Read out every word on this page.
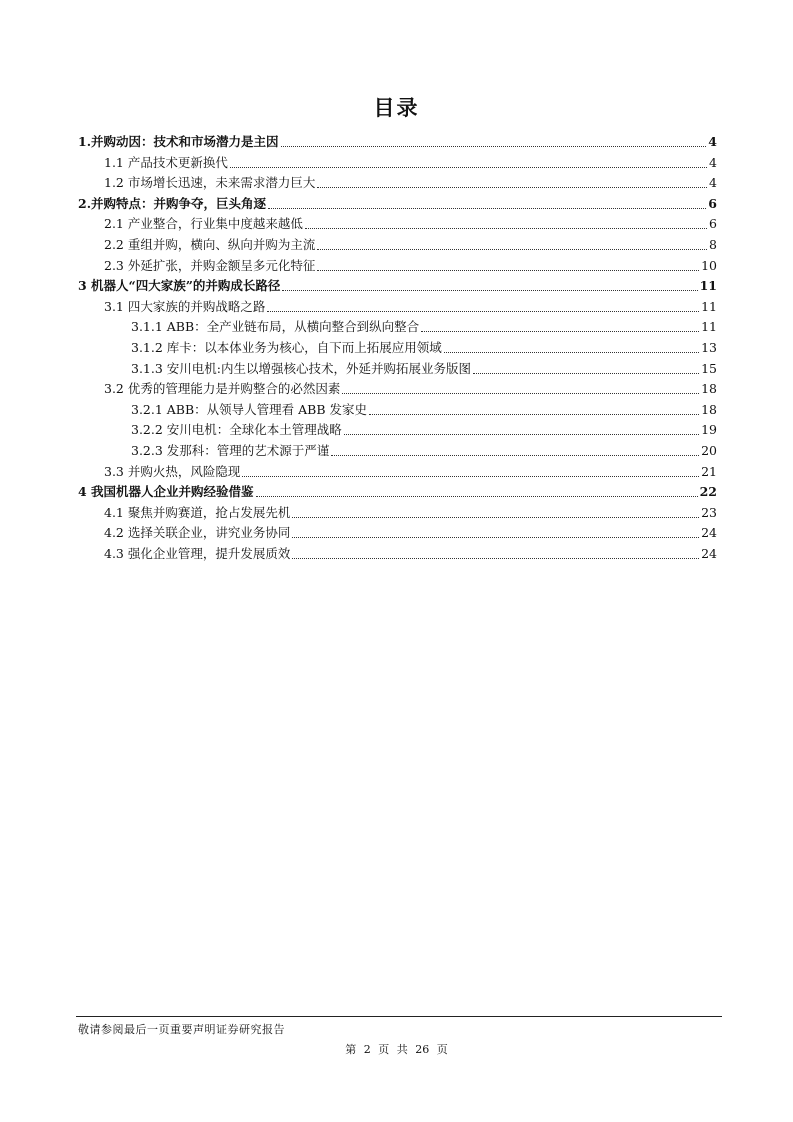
目录
1.并购动因：技术和市场潜力是主因	4
1.1 产品技术更新换代	4
1.2 市场增长迅速，未来需求潜力巨大	4
2.并购特点：并购争夺，巨头角逐	6
2.1 产业整合，行业集中度越来越低	6
2.2 重组并购，横向、纵向并购为主流	8
2.3 外延扩张，并购金额呈多元化特征	10
3 机器人“四大家族”的并购成长路径	11
3.1 四大家族的并购战略之路	11
3.1.1 ABB：全产业链布局，从横向整合到纵向整合	11
3.1.2 库卡：以本体业务为核心，自下而上拓展应用领域	13
3.1.3 安川电机:内生以增强核心技术，外延并购拓展业务版图	15
3.2 优秀的管理能力是并购整合的必然因素	18
3.2.1 ABB：从领导人管理看 ABB 发家史	18
3.2.2 安川电机：全球化本土管理战略	19
3.2.3 发那科：管理的艺术源于严谨	20
3.3 并购火热，风险隐现	21
4 我国机器人企业并购经验借鉴	22
4.1 聚焦并购赛道，抢占发展先机	23
4.2 选择关联企业，讲究业务协同	24
4.3 强化企业管理，提升发展质效	24
敬请参阅最后一页重要声明证券研究报告
第 2 页 共 26 页
